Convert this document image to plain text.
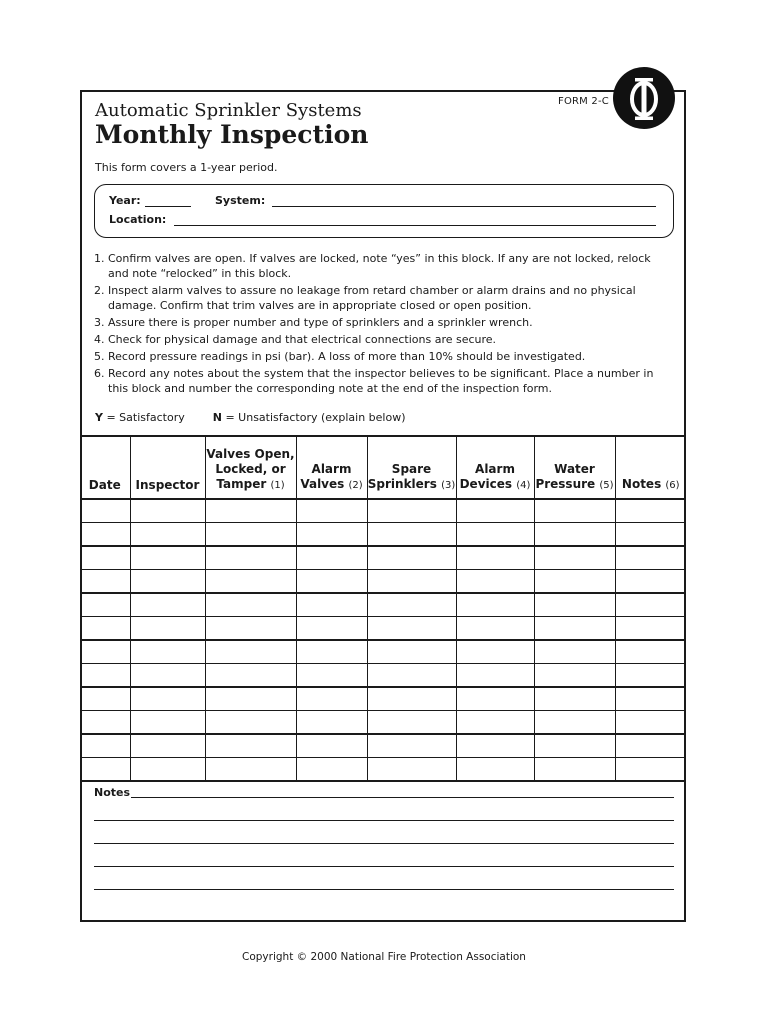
FORM 2-C
Automatic Sprinkler Systems
Monthly Inspection
This form covers a 1-year period.
Year:	System:
Location:
1. Confirm valves are open. If valves are locked, note “yes” in this block. If any are not locked, relock and note “relocked” in this block.
2. Inspect alarm valves to assure no leakage from retard chamber or alarm drains and no physical damage. Confirm that trim valves are in appropriate closed or open position.
3. Assure there is proper number and type of sprinklers and a sprinkler wrench.
4. Check for physical damage and that electrical connections are secure.
5. Record pressure readings in psi (bar). A loss of more than 10% should be investigated.
6. Record any notes about the system that the inspector believes to be significant. Place a number in this block and number the corresponding note at the end of the inspection form.
Y = Satisfactory	N = Unsatisfactory (explain below)
Date	Inspector	Valves Open, Locked, or Tamper (1)	Alarm Valves (2)	Spare Sprinklers (3)	Alarm Devices (4)	Water Pressure (5)	Notes (6)

Notes
Copyright © 2000 National Fire Protection Association
